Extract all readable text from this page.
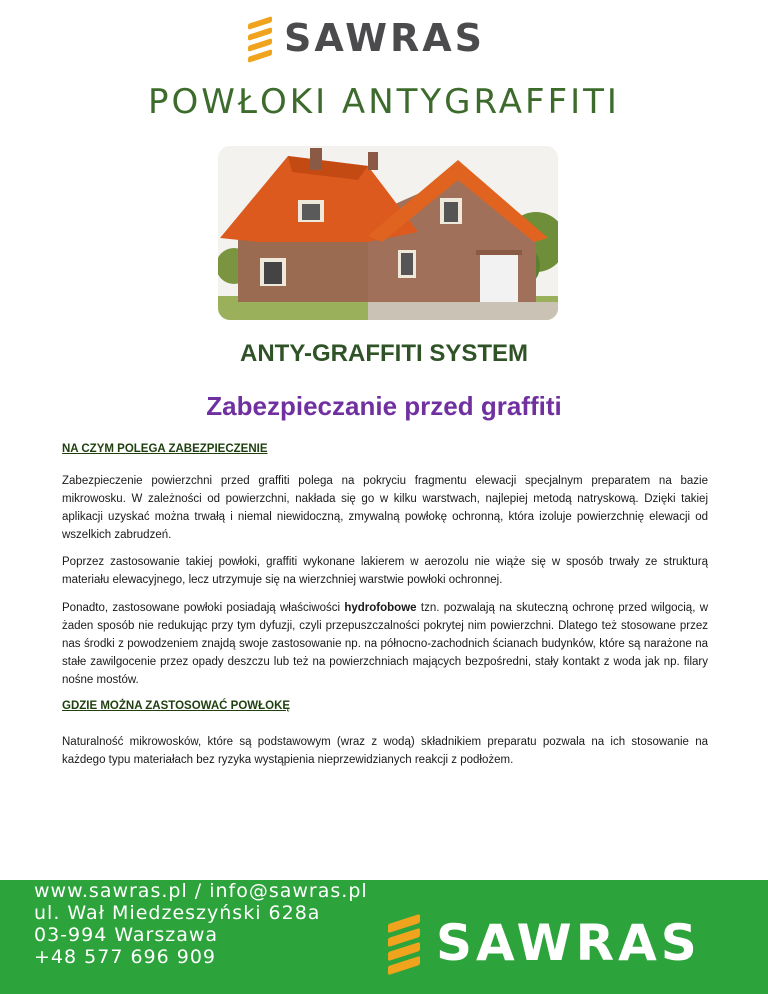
SAWRAS
POWŁOKI ANTYGRAFFITI
ANTY-GRAFFITI SYSTEM
Zabezpieczanie przed graffiti
NA CZYM POLEGA ZABEZPIECZENIE

Zabezpieczenie powierzchni przed graffiti polega na pokryciu fragmentu elewacji specjalnym preparatem na bazie mikrowosku. W zależności od powierzchni, nakłada się go w kilku warstwach, najlepiej metodą natryskową. Dzięki takiej aplikacji uzyskać można trwałą i niemal niewidoczną, zmywalną powłokę ochronną, która izoluje powierzchnię elewacji od wszelkich zabrudzeń.

Poprzez zastosowanie takiej powłoki, graffiti wykonane lakierem w aerozolu nie wiąże się w sposób trwały ze strukturą materiału elewacyjnego, lecz utrzymuje się na wierzchniej warstwie powłoki ochronnej.

Ponadto, zastosowane powłoki posiadają właściwości hydrofobowe tzn. pozwalają na skuteczną ochronę przed wilgocią, w żaden sposób nie redukując przy tym dyfuzji, czyli przepuszczalności pokrytej nim powierzchni. Dlatego też stosowane przez nas środki z powodzeniem znajdą swoje zastosowanie np. na północno-zachodnich ścianach budynków, które są narażone na stałe zawilgocenie przez opady deszczu lub też na powierzchniach mających bezpośredni, stały kontakt z woda jak np. filary nośne mostów.

GDZIE MOŻNA ZASTOSOWAĆ POWŁOKĘ

Naturalność mikrowosków, które są podstawowym (wraz z wodą) składnikiem preparatu pozwala na ich stosowanie na każdego typu materiałach bez ryzyka wystąpienia nieprzewidzianych reakcji z podłożem.

www.sawras.pl / info@sawras.pl
ul. Wał Miedzeszyński 628a
03-994 Warszawa
+48 577 696 909	SAWRAS
